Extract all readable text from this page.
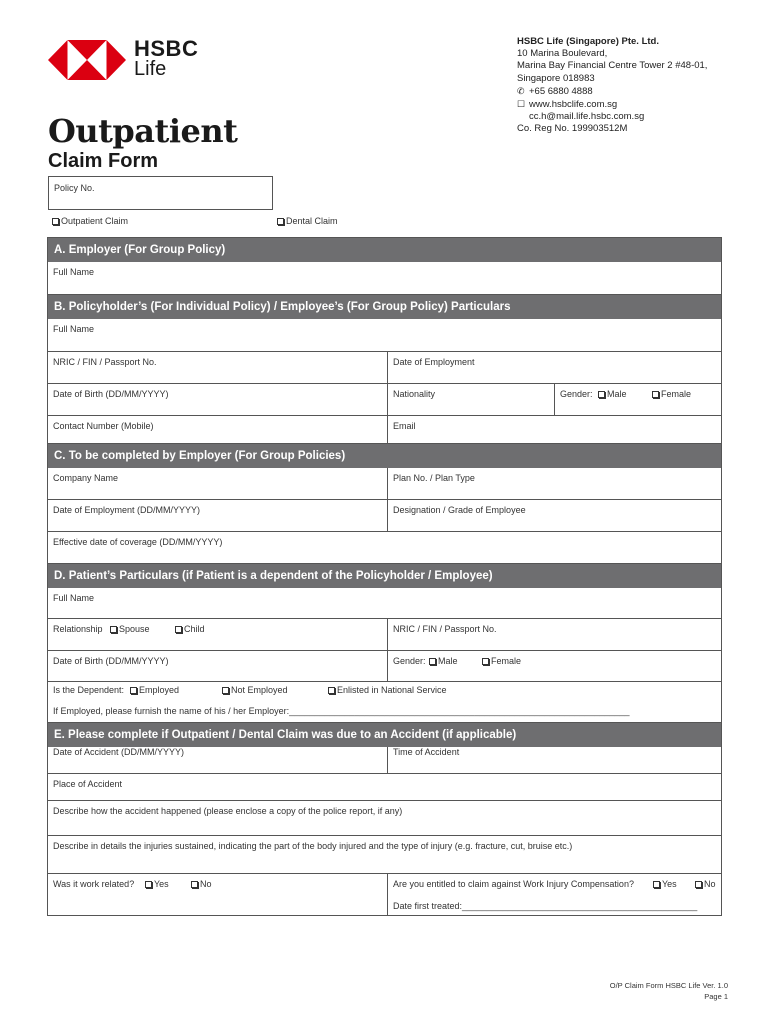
HSBC
Life
HSBC Life (Singapore) Pte. Ltd.
10 Marina Boulevard,
Marina Bay Financial Centre Tower 2 #48-01,
Singapore 018983
✆ +65 6880 4888
☐ www.hsbclife.com.sg
cc.h@mail.life.hsbc.com.sg
Co. Reg No. 199903512M
Outpatient
Claim Form
Policy No.
Outpatient Claim	Dental Claim
A. Employer (For Group Policy)
Full Name
B. Policyholder’s (For Individual Policy) / Employee’s (For Group Policy) Particulars
Full Name
NRIC / FIN / Passport No.	Date of Employment
Date of Birth (DD/MM/YYYY)	Nationality	Gender:	Male	Female
Contact Number (Mobile)	Email
C. To be completed by Employer (For Group Policies)
Company Name	Plan No. / Plan Type
Date of Employment (DD/MM/YYYY)	Designation / Grade of Employee
Effective date of coverage (DD/MM/YYYY)
D. Patient’s Particulars (if Patient is a dependent of the Policyholder / Employee)
Full Name
Relationship	Spouse	Child	NRIC / FIN / Passport No.
Date of Birth (DD/MM/YYYY)	Gender:	Male	Female
Is the Dependent:	Employed	Not Employed	Enlisted in National Service
If Employed, please furnish the name of his / her Employer:____________________________________________________________________
E. Please complete if Outpatient / Dental Claim was due to an Accident (if applicable)
Date of Accident (DD/MM/YYYY)	Time of Accident
Place of Accident
Describe how the accident happened (please enclose a copy of the police report, if any)
Describe in details the injuries sustained, indicating the part of the body injured and the type of injury (e.g. fracture, cut, bruise etc.)
Was it work related?	Yes	No	Are you entitled to claim against Work Injury Compensation?	Yes	No
Date first treated:_______________________________________________
O/P Claim Form HSBC Life Ver. 1.0
Page 1
